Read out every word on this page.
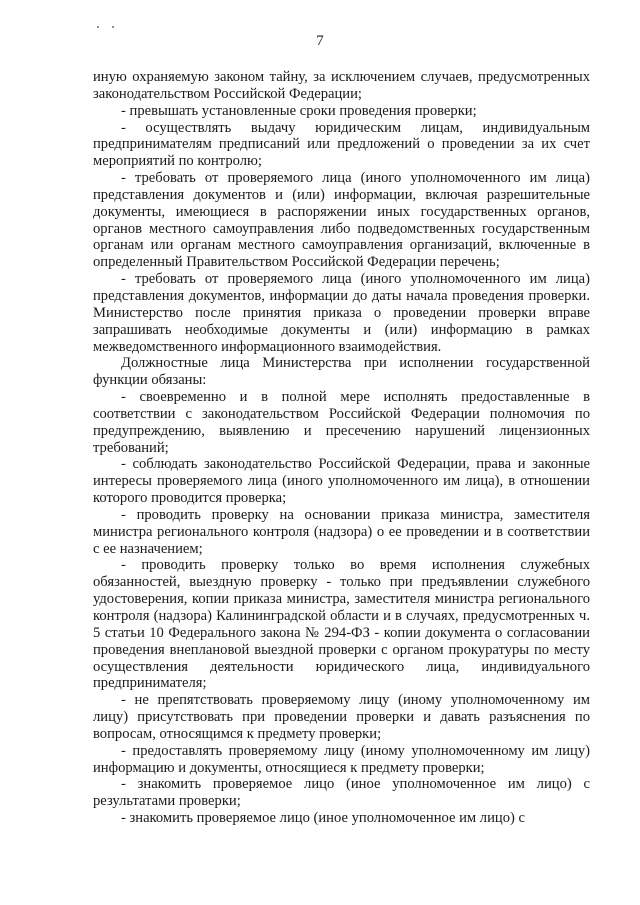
7

иную охраняемую законом тайну, за исключением случаев, предусмотренных законодательством Российской Федерации;

- превышать установленные сроки проведения проверки;

- осуществлять выдачу юридическим лицам, индивидуальным предпринимателям предписаний или предложений о проведении за их счет мероприятий по контролю;

- требовать от проверяемого лица (иного уполномоченного им лица) представления документов и (или) информации, включая разрешительные документы, имеющиеся в распоряжении иных государственных органов, органов местного самоуправления либо подведомственных государственным органам или органам местного самоуправления организаций, включенные в определенный Правительством Российской Федерации перечень;

- требовать от проверяемого лица (иного уполномоченного им лица) представления документов, информации до даты начала проведения проверки. Министерство после принятия приказа о проведении проверки вправе запрашивать необходимые документы и (или) информацию в рамках межведомственного информационного взаимодействия.

Должностные лица Министерства при исполнении государственной функции обязаны:

- своевременно и в полной мере исполнять предоставленные в соответствии с законодательством Российской Федерации полномочия по предупреждению, выявлению и пресечению нарушений лицензионных требований;

- соблюдать законодательство Российской Федерации, права и законные интересы проверяемого лица (иного уполномоченного им лица), в отношении которого проводится проверка;

- проводить проверку на основании приказа министра, заместителя министра регионального контроля (надзора) о ее проведении и в соответствии с ее назначением;

- проводить проверку только во время исполнения служебных обязанностей, выездную проверку - только при предъявлении служебного удостоверения, копии приказа министра, заместителя министра регионального контроля (надзора) Калининградской области и в случаях, предусмотренных ч. 5 статьи 10 Федерального закона № 294-ФЗ - копии документа о согласовании проведения внеплановой выездной проверки с органом прокуратуры по месту осуществления деятельности юридического лица, индивидуального предпринимателя;

- не препятствовать проверяемому лицу (иному уполномоченному им лицу) присутствовать при проведении проверки и давать разъяснения по вопросам, относящимся к предмету проверки;

- предоставлять проверяемому лицу (иному уполномоченному им лицу) информацию и документы, относящиеся к предмету проверки;

- знакомить проверяемое лицо (иное уполномоченное им лицо) с результатами проверки;

- знакомить проверяемое лицо (иное уполномоченное им лицо) с
